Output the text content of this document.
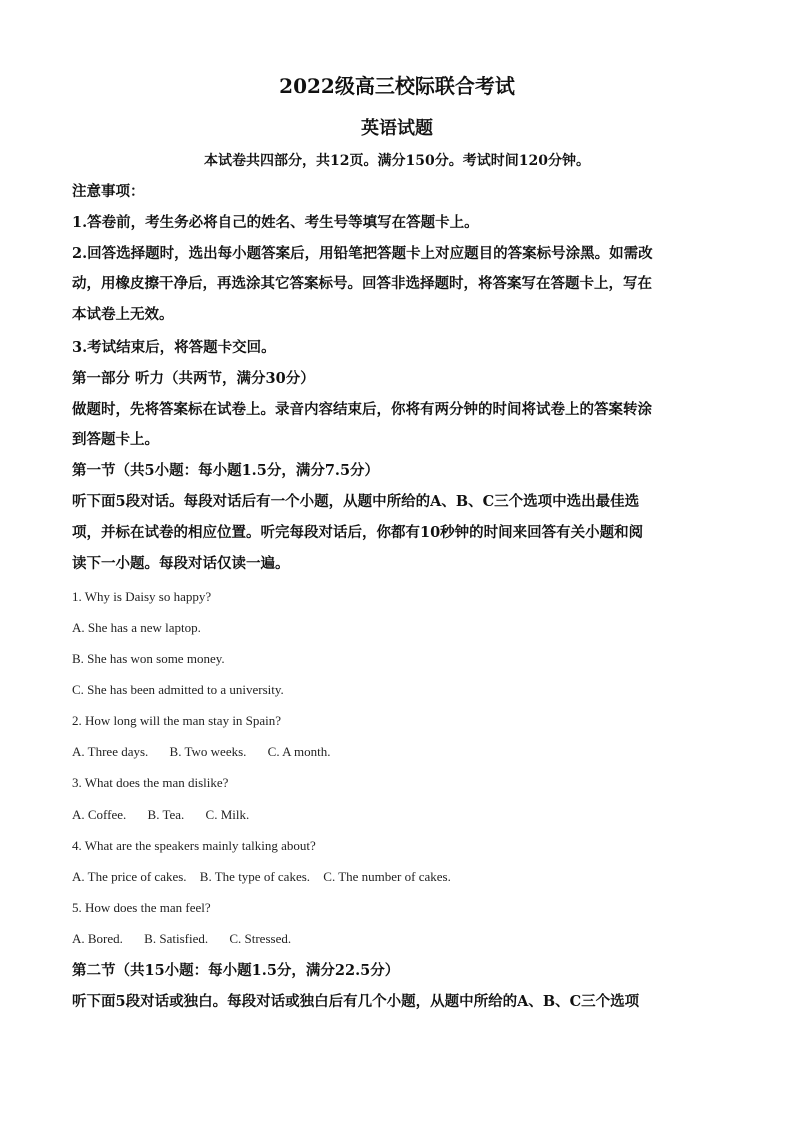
2022级高三校际联合考试
英语试题
本试卷共四部分，共12页。满分150分。考试时间120分钟。
注意事项：
1.答卷前，考生务必将自己的姓名、考生号等填写在答题卡上。
2.回答选择题时，选出每小题答案后，用铅笔把答题卡上对应题目的答案标号涂黑。如需改
动，用橡皮擦干净后，再选涂其它答案标号。回答非选择题时，将答案写在答题卡上，写在
本试卷上无效。
3.考试结束后，将答题卡交回。
第一部分 听力（共两节，满分30分）
做题时，先将答案标在试卷上。录音内容结束后，你将有两分钟的时间将试卷上的答案转涂
到答题卡上。
第一节（共5小题：每小题1.5分，满分7.5分）
听下面5段对话。每段对话后有一个小题，从题中所给的A、B、C三个选项中选出最佳选
项，并标在试卷的相应位置。听完每段对话后，你都有10秒钟的时间来回答有关小题和阅
读下一小题。每段对话仅读一遍。
1. Why is Daisy so happy?
A. She has a new laptop.
B. She has won some money.
C. She has been admitted to a university.
2. How long will the man stay in Spain?
A. Three days. B. Two weeks. C. A month.
3. What does the man dislike?
A. Coffee. B. Tea. C. Milk.
4. What are the speakers mainly talking about?
A. The price of cakes. B. The type of cakes. C. The number of cakes.
5. How does the man feel?
A. Bored. B. Satisfied. C. Stressed.
第二节（共15小题：每小题1.5分，满分22.5分）
听下面5段对话或独白。每段对话或独白后有几个小题，从题中所给的A、B、C三个选项
